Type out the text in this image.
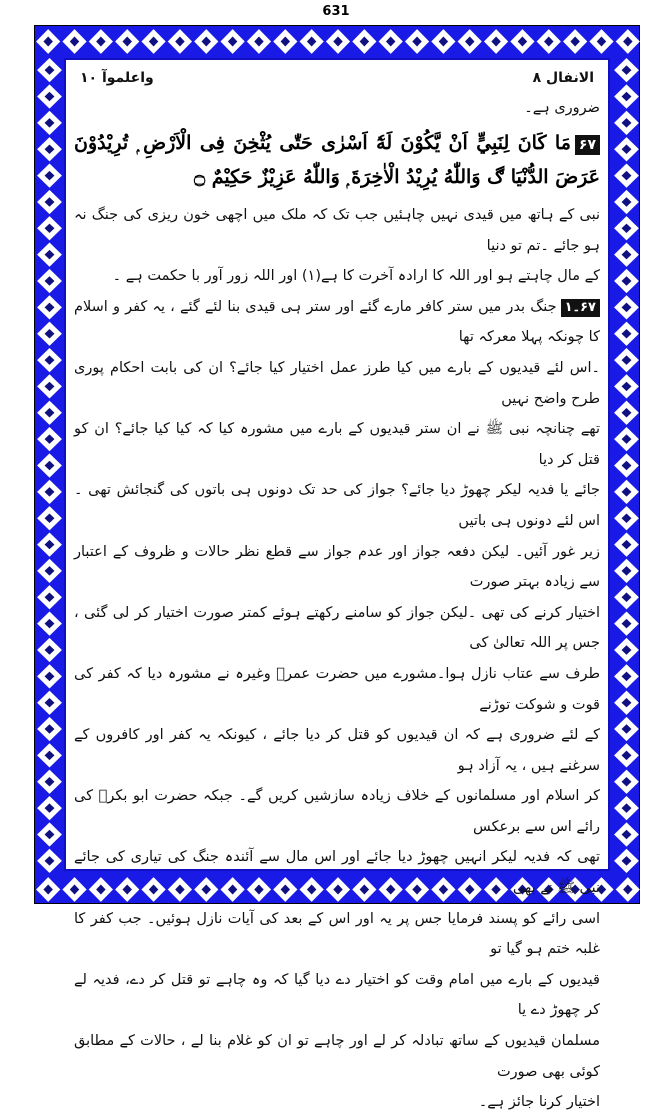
631
واعلموآ ١٠	الانفال ٨
ضروری ہے۔
۶۷مَا كَانَ لِنَبِيٍّ اَنْ يَّكُوْنَ لَهٗٓ اَسْرٰى حَتّٰى يُثْخِنَ فِى الْاَرْضِ ۭ تُرِيْدُوْنَ عَرَضَ الدُّنْيَا ڰ وَاللّٰهُ يُرِيْدُ الْاٰخِرَةَ ۭ وَاللّٰهُ عَزِيْزٌ حَكِيْمٌ ۝
نبی کے ہاتھ میں قیدی نہیں چاہئیں جب تک کہ ملک میں اچھی خون ریزی کی جنگ نہ ہو جائے ۔تم تو دنیا
کے مال چاہتے ہو اور اللہ کا ارادہ آخرت کا ہے(۱) اور اللہ زور آور با حکمت ہے ۔
۶۷۔۱جنگ بدر میں ستر کافر مارے گئے اور ستر ہی قیدی بنا لئے گئے ، یہ کفر و اسلام کا چونکہ پہلا معرکہ تھا
۔اس لئے قیدیوں کے بارے میں کیا طرز عمل اختیار کیا جائے؟ ان کی بابت احکام پوری طرح واضح نہیں
تھے چنانچہ نبی ﷺ نے ان ستر قیدیوں کے بارے میں مشورہ کیا کہ کیا کیا جائے؟ ان کو قتل کر دیا
جائے یا فدیہ لیکر چھوڑ دیا جائے؟ جواز کی حد تک دونوں ہی باتوں کی گنجائش تھی ۔ اس لئے دونوں ہی باتیں
زیر غور آئیں۔ لیکن دفعہ جواز اور عدم جواز سے قطع نظر حالات و ظروف کے اعتبار سے زیادہ بہتر صورت
اختیار کرنے کی تھی ۔لیکن جواز کو سامنے رکھتے ہوئے کمتر صورت اختیار کر لی گئی ، جس پر اللہ تعالیٰ کی
طرف سے عتاب نازل ہوا۔مشورے میں حضرت عمرؓ وغیرہ نے مشورہ دیا کہ کفر کی قوت و شوکت توڑنے
کے لئے ضروری ہے کہ ان قیدیوں کو قتل کر دیا جائے ، کیونکہ یہ کفر اور کافروں کے سرغنے ہیں ، یہ آزاد ہو
کر اسلام اور مسلمانوں کے خلاف زیادہ سازشیں کریں گے۔ جبکہ حضرت ابو بکرؓ کی رائے اس سے برعکس
تھی کہ فدیہ لیکر انہیں چھوڑ دیا جائے اور اس مال سے آئندہ جنگ کی تیاری کی جائے نبی ﷺ نے بھی
اسی رائے کو پسند فرمایا جس پر یہ اور اس کے بعد کی آیات نازل ہوئیں۔ جب کفر کا غلبہ ختم ہو گیا تو
قیدیوں کے بارے میں امام وقت کو اختیار دے دیا گیا کہ وہ چاہے تو قتل کر دے، فدیہ لے کر چھوڑ دے یا
مسلمان قیدیوں کے ساتھ تبادلہ کر لے اور چاہے تو ان کو غلام بنا لے ، حالات کے مطابق کوئی بھی صورت
اختیار کرنا جائز ہے۔
